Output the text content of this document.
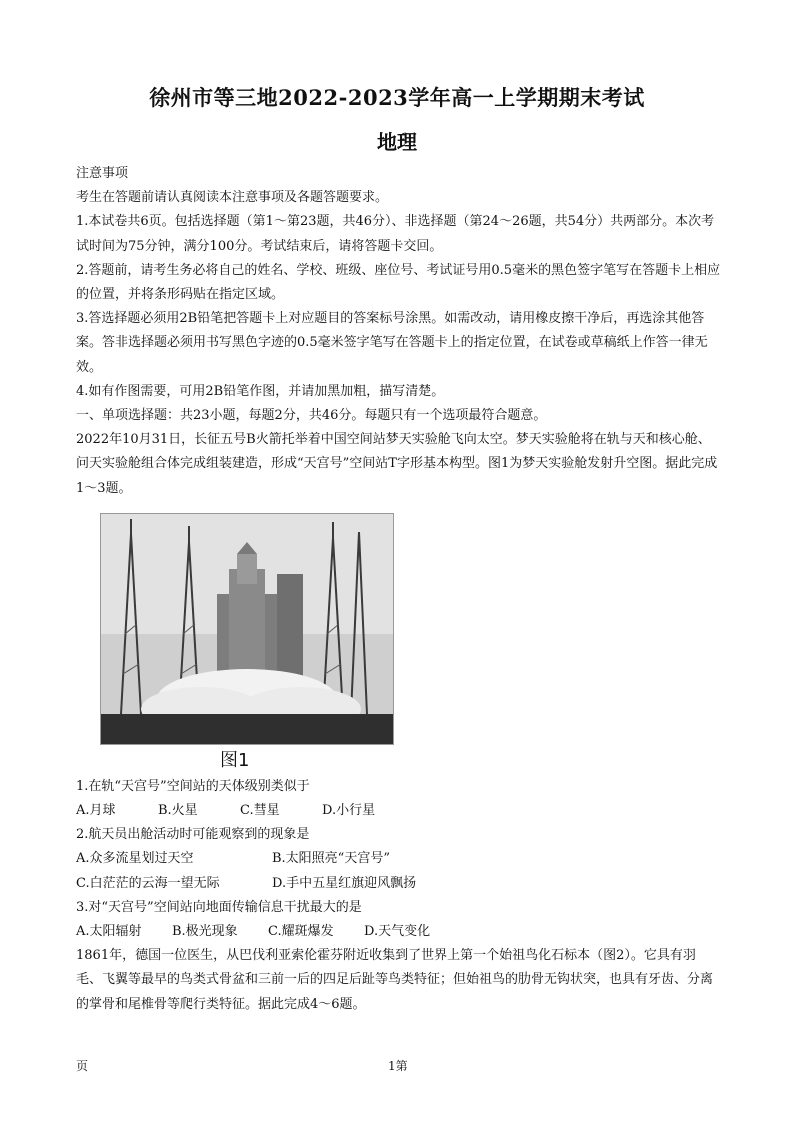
徐州市等三地2022-2023学年高一上学期期末考试
地理

注意事项

考生在答题前请认真阅读本注意事项及各题答题要求。

1.本试卷共6页。包括选择题（第1～第23题，共46分）、非选择题（第24～26题，共54分）共两部分。本次考试时间为75分钟，满分100分。考试结束后，请将答题卡交回。

2.答题前，请考生务必将自己的姓名、学校、班级、座位号、考试证号用0.5毫米的黑色签字笔写在答题卡上相应的位置，并将条形码贴在指定区域。

3.答选择题必须用2B铅笔把答题卡上对应题目的答案标号涂黑。如需改动，请用橡皮擦干净后，再选涂其他答案。答非选择题必须用书写黑色字迹的0.5毫米签字笔写在答题卡上的指定位置，在试卷或草稿纸上作答一律无效。

4.如有作图需要，可用2B铅笔作图，并请加黑加粗，描写清楚。

一、单项选择题：共23小题，每题2分，共46分。每题只有一个选项最符合题意。

2022年10月31日，长征五号B火箭托举着中国空间站梦天实验舱飞向太空。梦天实验舱将在轨与天和核心舱、问天实验舱组合体完成组装建造，形成“天宫号”空间站T字形基本构型。图1为梦天实验舱发射升空图。据此完成1～3题。

图1

1.在轨“天宫号”空间站的天体级别类似于

A.月球	B.火星	C.彗星	D.小行星

2.航天员出舱活动时可能观察到的现象是

A.众多流星划过天空	B.太阳照亮“天宫号”

C.白茫茫的云海一望无际	D.手中五星红旗迎风飘扬

3.对“天宫号”空间站向地面传输信息干扰最大的是

A.太阳辐射	B.极光现象	C.耀斑爆发	D.天气变化

1861年，德国一位医生，从巴伐利亚索伦霍芬附近收集到了世界上第一个始祖鸟化石标本（图2）。它具有羽毛、飞翼等最早的鸟类式骨盆和三前一后的四足后趾等鸟类特征；但始祖鸟的肋骨无钩状突，也具有牙齿、分离的掌骨和尾椎骨等爬行类特征。据此完成4～6题。

页	1第
